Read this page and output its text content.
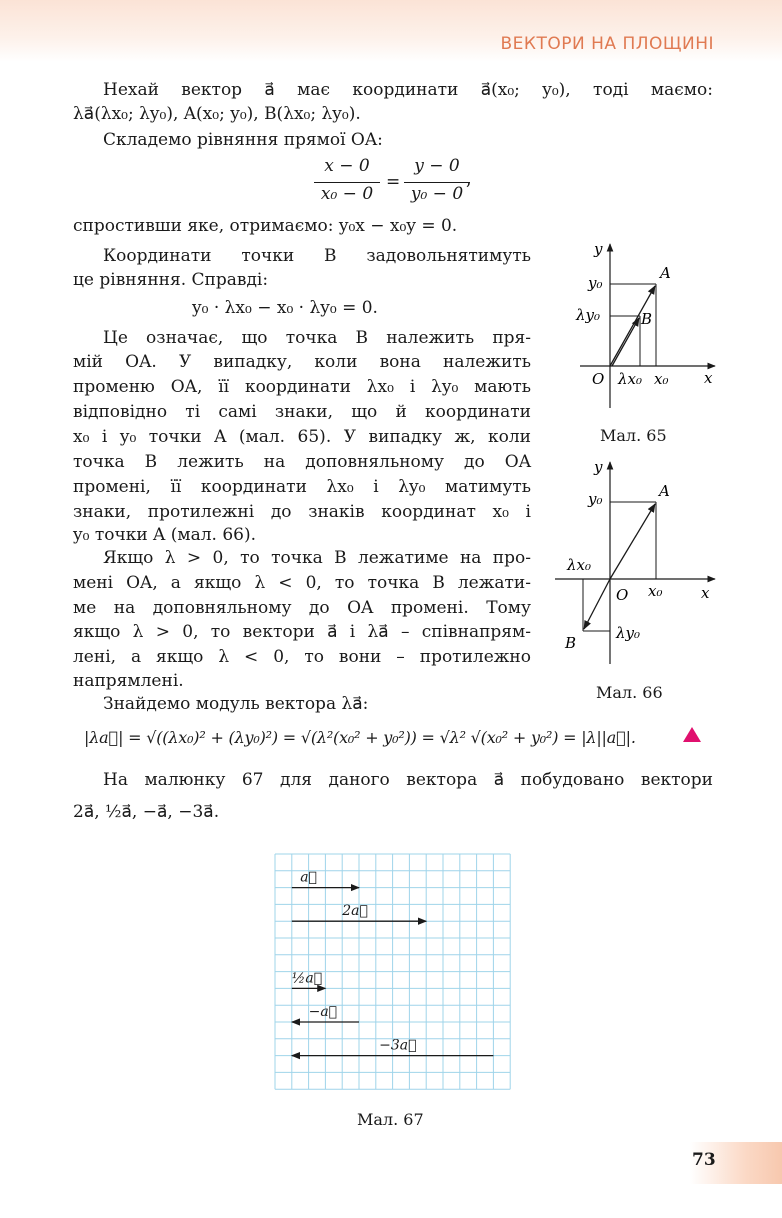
ВЕКТОРИ НА ПЛОЩИНІ
Нехай вектор a⃗ має координати a⃗(x₀; y₀), тоді маємо:
λa⃗(λx₀; λy₀), A(x₀; y₀), B(λx₀; λy₀).
Складемо рівняння прямої OA:
x − 0
x₀ − 0
=
y − 0
y₀ − 0
,
спростивши яке, отримаємо: y₀x − x₀y = 0.
Координати точки B задовольнятимуть
це рівняння. Справді:
y₀ · λx₀ − x₀ · λy₀ = 0.
Це означає, що точка B належить пря-
мій OA. У випадку, коли вона належить
променю OA, її координати λx₀ і λy₀ мають
відповідно ті самі знаки, що й координати
x₀ і y₀ точки A (мал. 65). У випадку ж, коли
точка B лежить на доповняльному до OA
промені, її координати λx₀ і λy₀ матимуть
знаки, протилежні до знаків координат x₀ і
y₀ точки A (мал. 66).
Якщо λ > 0, то точка B лежатиме на про-
мені OA, а якщо λ < 0, то точка B лежати-
ме на доповняльному до OA промені. Тому
якщо λ > 0, то вектори a⃗ і λa⃗ – співнапрям-
лені, а якщо λ < 0, то вони – протилежно
напрямлені.
Знайдемо модуль вектора λa⃗:
|λa⃗| = √((λx₀)² + (λy₀)²) = √(λ²(x₀² + y₀²)) = √λ² √(x₀² + y₀²) = |λ||a⃗|.
На малюнку 67 для даного вектора a⃗ побудовано вектори
2a⃗, ½a⃗, −a⃗, −3a⃗.
y
x
O
A
B
y₀
λy₀
λx₀ x₀
Мал. 65
y
x
O
A
B
y₀
λx₀
x₀
λy₀
Мал. 66
a⃗
2a⃗
½a⃗
−a⃗
−3a⃗
Мал. 67
73
